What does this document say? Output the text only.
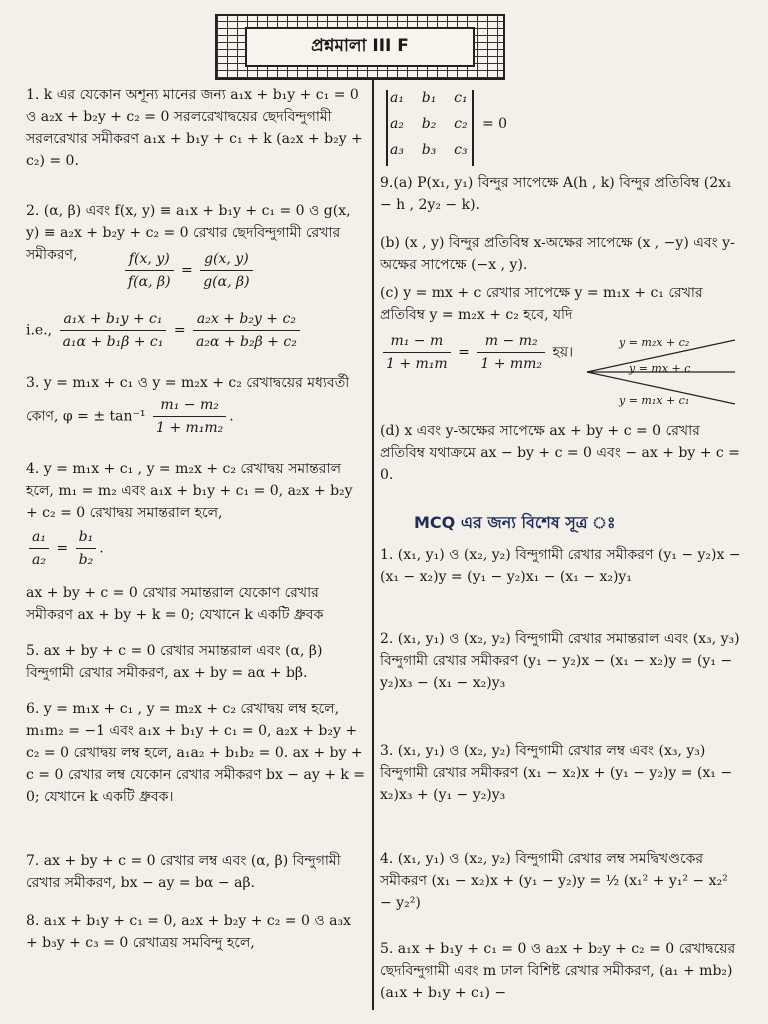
প্রশ্নমালা III F

1. k এর যেকোন অশূন্য মানের জন্য a₁x + b₁y + c₁ = 0 ও a₂x + b₂y + c₂ = 0 সরলরেখাদ্বয়ের ছেদবিন্দুগামী সরলরেখার সমীকরণ a₁x + b₁y + c₁ + k (a₂x + b₂y + c₂) = 0.

2. (α, β) এবং f(x, y) ≡ a₁x + b₁y + c₁ = 0 ও g(x, y) ≡ a₂x + b₂y + c₂ = 0 রেখার ছেদবিন্দুগামী রেখার সমীকরণ,	$\frac{f(x, y)}{f(\alpha, \beta)} = \frac{g(x, y)}{g(\alpha, \beta)}$
i.e., $\frac{\text{a₁x + b₁y + c₁}}{\text{a₁α + b₁β + c₁}} = \frac{\text{a₂x + b₂y + c₂}}{\text{a₂α + b₂β + c₂}}$
3. y = m₁x + c₁ ও y = m₂x + c₂ রেখাদ্বয়ের মধ্যবর্তী কোণ, φ = ± $\tan^{-1} \frac{\text{m₁ − m₂}}{\text{1 + m₁m₂}}$ .

4. y = m₁x + c₁ , y = m₂x + c₂ রেখাদ্বয় সমান্তরাল হলে, m₁ = m₂ এবং a₁x + b₁y + c₁ = 0, a₂x + b₂y + c₂ = 0 রেখাদ্বয় সমান্তরাল হলে,

$\frac{\text{a₁}}{\text{a₂}} = \frac{\text{b₁}}{\text{b₂}}$ .

ax + by + c = 0 রেখার সমান্তরাল যেকোণ রেখার সমীকরণ ax + by + k = 0; যেখানে k একটি ধ্রুবক

5. ax + by + c = 0 রেখার সমান্তরাল এবং (α, β) বিন্দুগামী রেখার সমীকরণ, ax + by = aα + bβ.

6. y = m₁x + c₁ , y = m₂x + c₂ রেখাদ্বয় লম্ব হলে, m₁m₂ = −1 এবং a₁x + b₁y + c₁ = 0, a₂x + b₂y + c₂ = 0 রেখাদ্বয় লম্ব হলে, a₁a₂ + b₁b₂ = 0. ax + by + c = 0 রেখার লম্ব যেকোন রেখার সমীকরণ bx − ay + k = 0; যেখানে k একটি ধ্রুবক।

7. ax + by + c = 0 রেখার লম্ব এবং (α, β) বিন্দুগামী রেখার সমীকরণ, bx − ay = bα − aβ.

8. a₁x + b₁y + c₁ = 0, a₂x + b₂y + c₂ = 0 ও a₃x + b₃y + c₃ = 0 রেখাত্রয় সমবিন্দু হলে,

a₁ b₁ c₁
a₂ b₂ c₂
a₃ b₃ c₃
= 0

9.(a) P(x₁, y₁) বিন্দুর সাপেক্ষে A(h , k) বিন্দুর প্রতিবিম্ব (2x₁ − h , 2y₂ − k).

(b) (x , y) বিন্দুর প্রতিবিম্ব x-অক্ষের সাপেক্ষে (x , −y) এবং y-অক্ষের সাপেক্ষে (−x , y).

(c) y = mx + c রেখার সাপেক্ষে y = m₁x + c₁ রেখার প্রতিবিম্ব y = m₂x + c₂ হবে, যদি

$\frac{\text{m₁ − m}}{\text{1 + m₁m}} = \frac{\text{m − m₂}}{\text{1 + mm₂}}$ হয়।
y = m₂x + c₂
y = mx + c
y = m₁x + c₁

(d) x এবং y-অক্ষের সাপেক্ষে ax + by + c = 0 রেখার প্রতিবিম্ব যথাক্রমে ax − by + c = 0 এবং − ax + by + c = 0.

MCQ এর জন্য বিশেষ সূত্র ঃ

1. (x₁, y₁) ও (x₂, y₂) বিন্দুগামী রেখার সমীকরণ (y₁ − y₂)x − (x₁ − x₂)y = (y₁ − y₂)x₁ − (x₁ − x₂)y₁

2. (x₁, y₁) ও (x₂, y₂) বিন্দুগামী রেখার সমান্তরাল এবং (x₃, y₃) বিন্দুগামী রেখার সমীকরণ (y₁ − y₂)x − (x₁ − x₂)y = (y₁ − y₂)x₃ − (x₁ − x₂)y₃

3. (x₁, y₁) ও (x₂, y₂) বিন্দুগামী রেখার লম্ব এবং (x₃, y₃) বিন্দুগামী রেখার সমীকরণ (x₁ − x₂)x + (y₁ − y₂)y = (x₁ − x₂)x₃ + (y₁ − y₂)y₃

4. (x₁, y₁) ও (x₂, y₂) বিন্দুগামী রেখার লম্ব সমদ্বিখণ্ডকের সমীকরণ (x₁ − x₂)x + (y₁ − y₂)y = ½ (x₁² + y₁² − x₂² − y₂²)

5. a₁x + b₁y + c₁ = 0 ও a₂x + b₂y + c₂ = 0 রেখাদ্বয়ের ছেদবিন্দুগামী এবং m ঢাল বিশিষ্ট রেখার সমীকরণ, (a₁ + mb₂)(a₁x + b₁y + c₁) −
